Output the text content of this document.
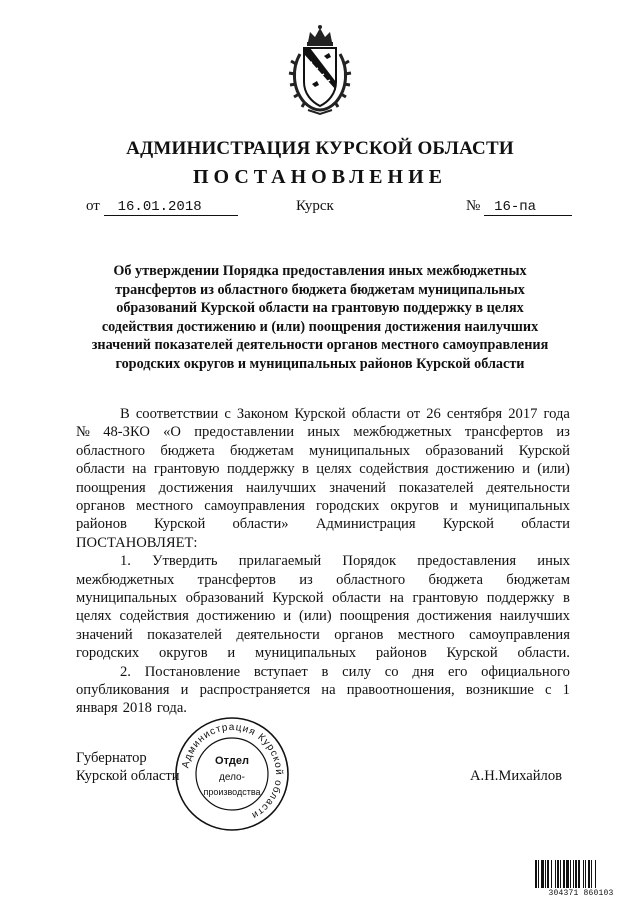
АДМИНИСТРАЦИЯ КУРСКОЙ ОБЛАСТИ
ПОСТАНОВЛЕНИЕ
от 16.01.2018	Курск	№ 16-па
Об утверждении Порядка предоставления иных межбюджетных
трансфертов из областного бюджета бюджетам муниципальных
образований Курской области на грантовую поддержку в целях
содействия достижению и (или) поощрения достижения наилучших
значений показателей деятельности органов местного самоуправления
городских округов и муниципальных районов Курской области
В соответствии с Законом Курской области от 26 сентября 2017 года
№ 48-ЗКО «О предоставлении иных межбюджетных трансфертов из
областного бюджета бюджетам муниципальных образований Курской
области на грантовую поддержку в целях содействия достижению и (или)
поощрения достижения наилучших значений показателей деятельности
органов местного самоуправления городских округов и муниципальных
районов Курской области» Администрация Курской области
ПОСТАНОВЛЯЕТ:
1. Утвердить прилагаемый Порядок предоставления иных
межбюджетных трансфертов из областного бюджета бюджетам
муниципальных образований Курской области на грантовую поддержку в
целях содействия достижению и (или) поощрения достижения наилучших
значений показателей деятельности органов местного самоуправления
городских округов и муниципальных районов Курской области.
2. Постановление вступает в силу со дня его официального
опубликования и распространяется на правоотношения, возникшие с 1
января 2018 года.
Губернатор
Курской области	А.Н.Михайлов
Администрация Курской области
Отдел
дело-
производства
304371 860103
